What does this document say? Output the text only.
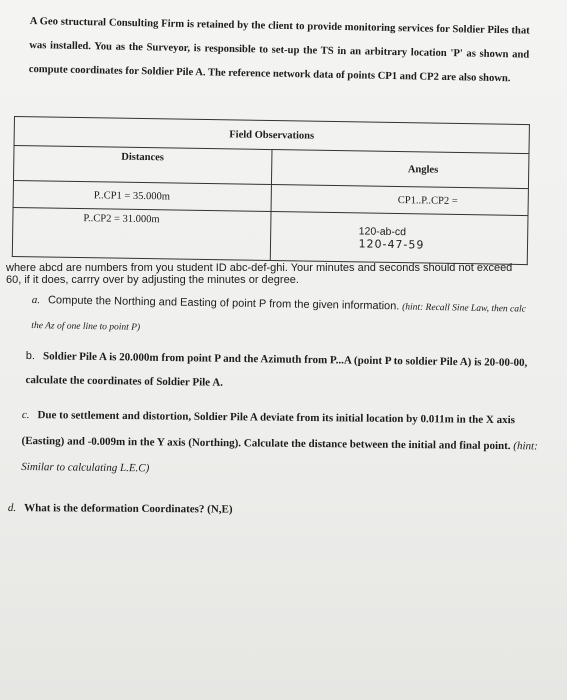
A Geo structural Consulting Firm is retained by the client to provide monitoring services for Soldier Piles that was installed. You as the Surveyor, is responsible to set-up the TS in an arbitrary location 'P' as shown and compute coordinates for Soldier Pile A. The reference network data of points CP1 and CP2 are also shown.
Field Observations	
Distances	Angles
P..CP1 = 35.000m	CP1..P..CP2 =
P..CP2 = 31.000m	120-ab-cd
120-47-59
where abcd are numbers from you student ID abc-def-ghi. Your minutes and seconds should not exceed 60, if it does, carrry over by adjusting the minutes or degree.
a. Compute the Northing and Easting of point P from the given information. (hint: Recall Sine Law, then calc the Az of one line to point P)
b. Soldier Pile A is 20.000m from point P and the Azimuth from P...A (point P to soldier Pile A) is 20-00-00, calculate the coordinates of Soldier Pile A.
c. Due to settlement and distortion, Soldier Pile A deviate from its initial location by 0.011m in the X axis (Easting) and -0.009m in the Y axis (Northing). Calculate the distance between the initial and final point. (hint: Similar to calculating L.E.C)
d. What is the deformation Coordinates? (N,E)
